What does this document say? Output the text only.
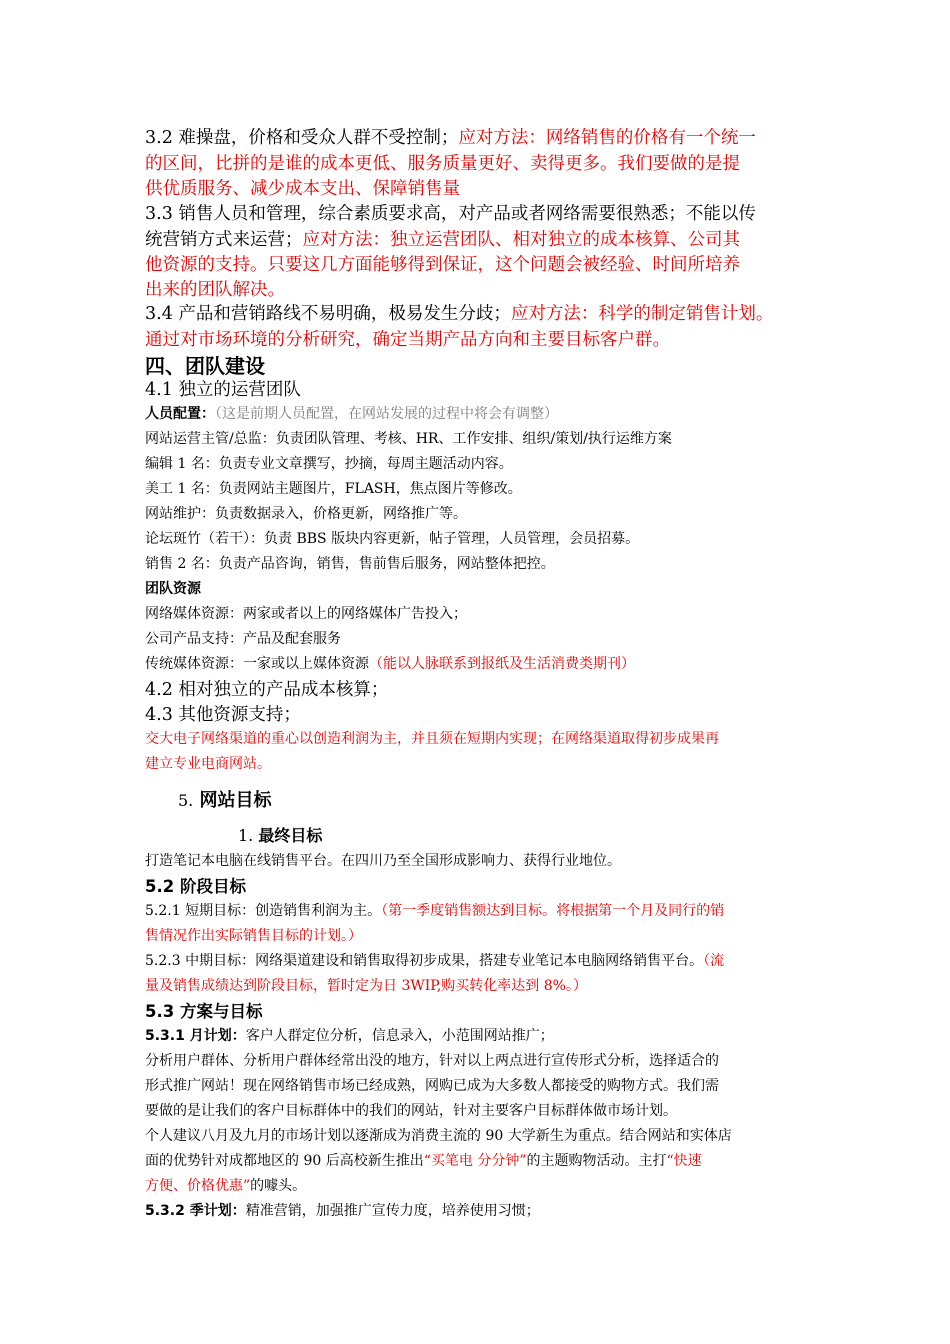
3.2 难操盘，价格和受众人群不受控制；应对方法：网络销售的价格有一个统一
的区间，比拼的是谁的成本更低、服务质量更好、卖得更多。我们要做的是提
供优质服务、减少成本支出、保障销售量
3.3 销售人员和管理，综合素质要求高，对产品或者网络需要很熟悉；不能以传
统营销方式来运营；应对方法：独立运营团队、相对独立的成本核算、公司其
他资源的支持。只要这几方面能够得到保证，这个问题会被经验、时间所培养
出来的团队解决。
3.4 产品和营销路线不易明确，极易发生分歧；应对方法：科学的制定销售计划。
通过对市场环境的分析研究，确定当期产品方向和主要目标客户群。
四、团队建设
4.1 独立的运营团队
人员配置：（这是前期人员配置，在网站发展的过程中将会有调整）
网站运营主管/总监：负责团队管理、考核、HR、工作安排、组织/策划/执行运维方案
编辑 1 名：负责专业文章撰写，抄摘，每周主题活动内容。
美工 1 名：负责网站主题图片，FLASH，焦点图片等修改。
网站维护：负责数据录入，价格更新，网络推广等。
论坛斑竹（若干）：负责 BBS 版块内容更新，帖子管理，人员管理，会员招募。
销售 2 名：负责产品咨询，销售，售前售后服务，网站整体把控。
团队资源
网络媒体资源：两家或者以上的网络媒体广告投入；
公司产品支持：产品及配套服务
传统媒体资源：一家或以上媒体资源（能以人脉联系到报纸及生活消费类期刊）
4.2 相对独立的产品成本核算；
4.3 其他资源支持；
交大电子网络渠道的重心以创造利润为主，并且须在短期内实现；在网络渠道取得初步成果再
建立专业电商网站。
5. 网站目标
1. 最终目标
打造笔记本电脑在线销售平台。在四川乃至全国形成影响力、获得行业地位。
5.2 阶段目标
5.2.1 短期目标：创造销售利润为主。（第一季度销售额达到目标。将根据第一个月及同行的销
售情况作出实际销售目标的计划。）
5.2.3 中期目标：网络渠道建设和销售取得初步成果，搭建专业笔记本电脑网络销售平台。（流
量及销售成绩达到阶段目标，暂时定为日 3WIP,购买转化率达到 8%。）
5.3 方案与目标
5.3.1 月计划：客户人群定位分析，信息录入，小范围网站推广；
分析用户群体、分析用户群体经常出没的地方，针对以上两点进行宣传形式分析，选择适合的
形式推广网站！现在网络销售市场已经成熟，网购已成为大多数人都接受的购物方式。我们需
要做的是让我们的客户目标群体中的我们的网站，针对主要客户目标群体做市场计划。
个人建议八月及九月的市场计划以逐渐成为消费主流的 90 大学新生为重点。结合网站和实体店
面的优势针对成都地区的 90 后高校新生推出“买笔电 分分钟”的主题购物活动。主打“快速
方便、价格优惠”的噱头。
5.3.2 季计划：精准营销，加强推广宣传力度，培养使用习惯；
